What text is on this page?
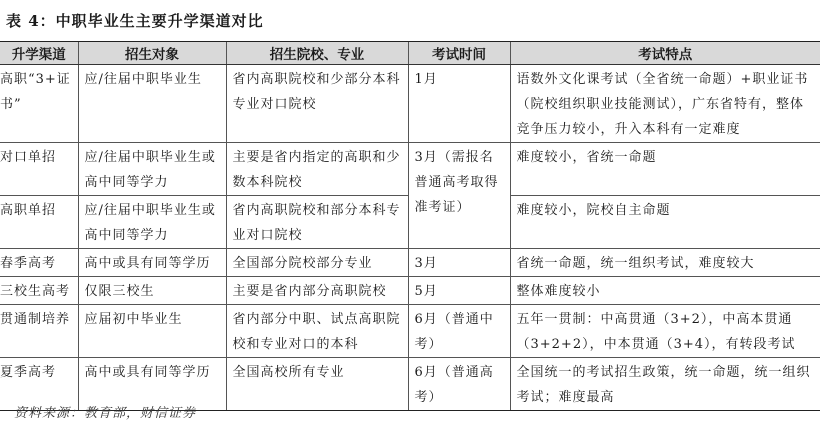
表 4：中职毕业生主要升学渠道对比
升学渠道	招生对象	招生院校、专业	考试时间	考试特点
高职“3+证书”	应/往届中职毕业生	省内高职院校和少部分本科专业对口院校	1月	语数外文化课考试（全省统一命题）+职业证书（院校组织职业技能测试），广东省特有，整体竞争压力较小，升入本科有一定难度
对口单招	应/往届中职毕业生或高中同等学力	主要是省内指定的高职和少数本科院校	3月（需报名普通高考取得准考证）	难度较小，省统一命题
高职单招	应/往届中职毕业生或高中同等学力	省内高职院校和部分本科专业对口院校		难度较小，院校自主命题
春季高考	高中或具有同等学历	全国部分院校部分专业	3月	省统一命题，统一组织考试，难度较大
三校生高考	仅限三校生	主要是省内部分高职院校	5月	整体难度较小
贯通制培养	应届初中毕业生	省内部分中职、试点高职院校和专业对口的本科	6月（普通中考）	五年一贯制：中高贯通（3+2），中高本贯通（3+2+2），中本贯通（3+4），有转段考试
夏季高考	高中或具有同等学历	全国高校所有专业	6月（普通高考）	全国统一的考试招生政策，统一命题，统一组织考试；难度最高
资料来源：教育部，财信证券
